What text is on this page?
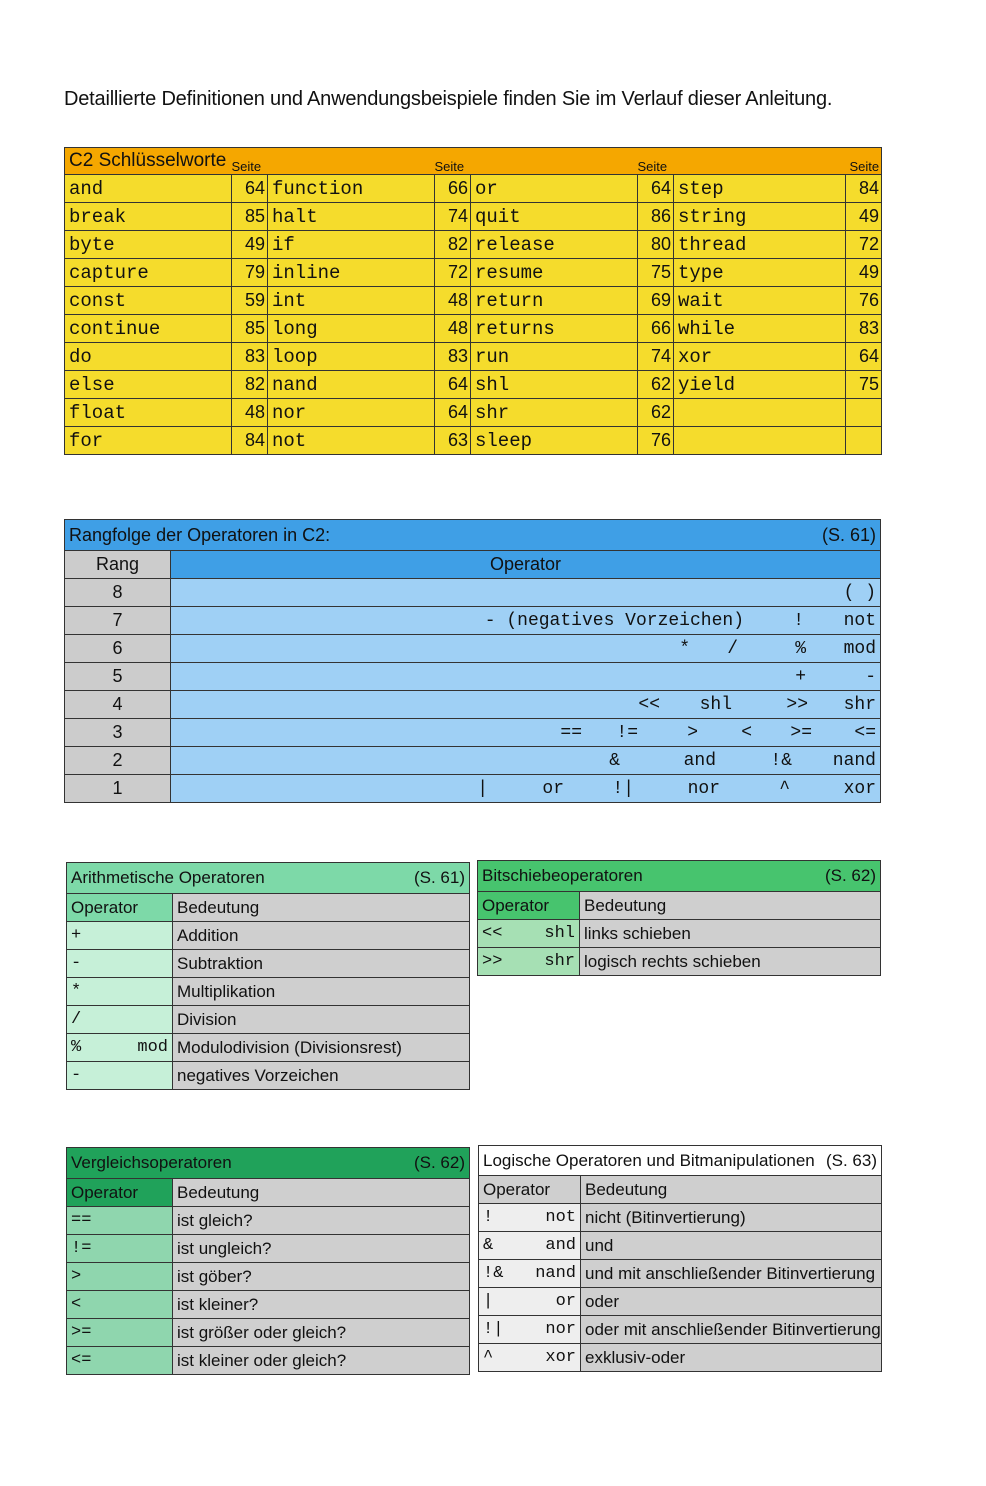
Detaillierte Definitionen und Anwendungsbeispiele finden Sie im Verlauf dieser Anleitung.
C2 Schlüsselworte	Seite		Seite		Seite		Seite
and	64	function	66	or	64	step	84
break	85	halt	74	quit	86	string	49
byte	49	if	82	release	80	thread	72
capture	79	inline	72	resume	75	type	49
const	59	int	48	return	69	wait	76
continue	85	long	48	returns	66	while	83
do	83	loop	83	run	74	xor	64
else	82	nand	64	shl	62	yield	75
float	48	nor	64	shr	62		
for	84	not	63	sleep	76		
Rangfolge der Operatoren in C2: (S. 61)	

Rang	Operator
8	( )
7	- (negatives Vorzeichen) ! not
6	* / % mod
5	+ -
4	<< shl >> shr
3	== != > < >= <=
2	& and !& nand
1	| or !| nor ^ xor
Arithmetische Operatoren (S. 61)	

Operator	Bedeutung

+	Addition

-	Subtraktion

*	Multiplikation

/	Division

% mod	Modulodivision (Divisionsrest)

-	negatives Vorzeichen
Bitschiebeoperatoren (S. 62)	

Operator	Bedeutung

<< shl	links schieben

>> shr	logisch rechts schieben
Vergleichsoperatoren (S. 62)	

Operator	Bedeutung

==	ist gleich?

!=	ist ungleich?

>	ist göber?

<	ist kleiner?

>=	ist größer oder gleich?

<=	ist kleiner oder gleich?
Logische Operatoren und Bitmanipulationen (S. 63)	

Operator	Bedeutung

! not	nicht (Bitinvertierung)

& and	und

!& nand	und mit anschließender Bitinvertierung

| or	oder

!| nor	oder mit anschließender Bitinvertierung

^ xor	exklusiv-oder
